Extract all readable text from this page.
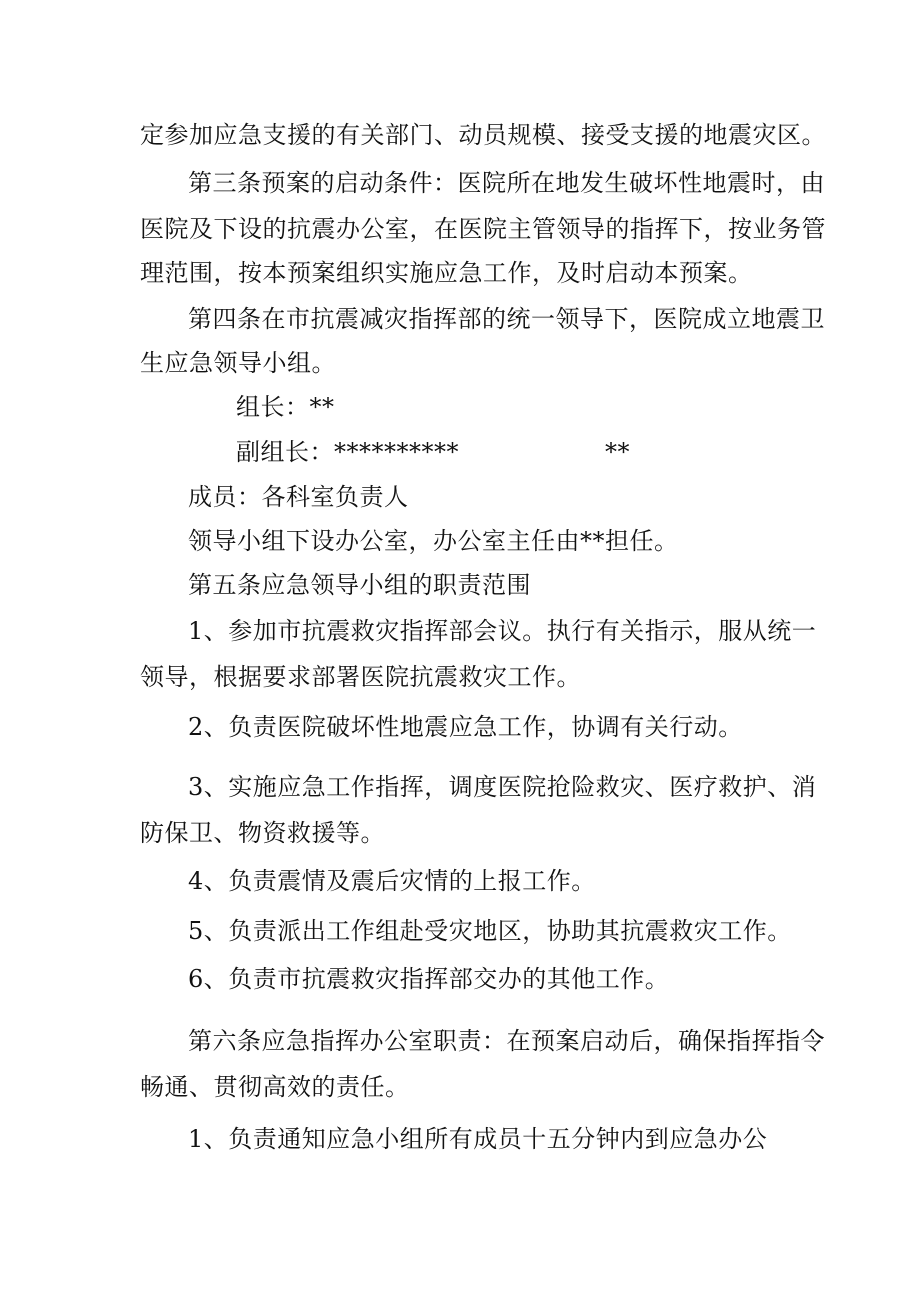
定参加应急支援的有关部门、动员规模、接受支援的地震灾区。
第三条预案的启动条件：医院所在地发生破坏性地震时，由
医院及下设的抗震办公室，在医院主管领导的指挥下，按业务管
理范围，按本预案组织实施应急工作，及时启动本预案。
第四条在市抗震减灾指挥部的统一领导下，医院成立地震卫
生应急领导小组。
组长：**
副组长：**********	**
成员：各科室负责人
领导小组下设办公室，办公室主任由**担任。
第五条应急领导小组的职责范围
1、参加市抗震救灾指挥部会议。执行有关指示，服从统一
领导，根据要求部署医院抗震救灾工作。
2、负责医院破坏性地震应急工作，协调有关行动。
3、实施应急工作指挥，调度医院抢险救灾、医疗救护、消
防保卫、物资救援等。
4、负责震情及震后灾情的上报工作。
5、负责派出工作组赴受灾地区，协助其抗震救灾工作。
6、负责市抗震救灾指挥部交办的其他工作。
第六条应急指挥办公室职责：在预案启动后，确保指挥指令
畅通、贯彻高效的责任。
1、负责通知应急小组所有成员十五分钟内到应急办公
